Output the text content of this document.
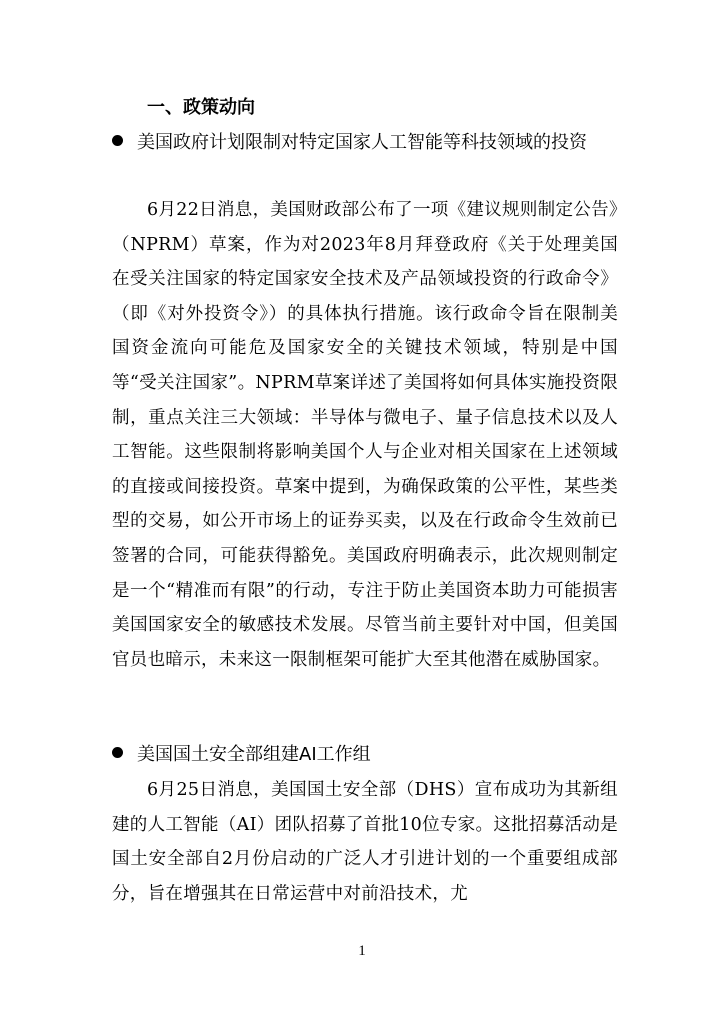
一、政策动向
美国政府计划限制对特定国家人工智能等科技领域的投资
6月22日消息，美国财政部公布了一项《建议规则制定公告》（NPRM）草案，作为对2023年8月拜登政府《关于处理美国在受关注国家的特定国家安全技术及产品领域投资的行政命令》（即《对外投资令》）的具体执行措施。该行政命令旨在限制美国资金流向可能危及国家安全的关键技术领域，特别是中国等“受关注国家”。NPRM草案详述了美国将如何具体实施投资限制，重点关注三大领域：半导体与微电子、量子信息技术以及人工智能。这些限制将影响美国个人与企业对相关国家在上述领域的直接或间接投资。草案中提到，为确保政策的公平性，某些类型的交易，如公开市场上的证券买卖，以及在行政命令生效前已签署的合同，可能获得豁免。美国政府明确表示，此次规则制定是一个“精准而有限”的行动，专注于防止美国资本助力可能损害美国国家安全的敏感技术发展。尽管当前主要针对中国，但美国官员也暗示，未来这一限制框架可能扩大至其他潜在威胁国家。
美国国土安全部组建AI工作组
6月25日消息，美国国土安全部（DHS）宣布成功为其新组建的人工智能（AI）团队招募了首批10位专家。这批招募活动是国土安全部自2月份启动的广泛人才引进计划的一个重要组成部分，旨在增强其在日常运营中对前沿技术，尤
1
